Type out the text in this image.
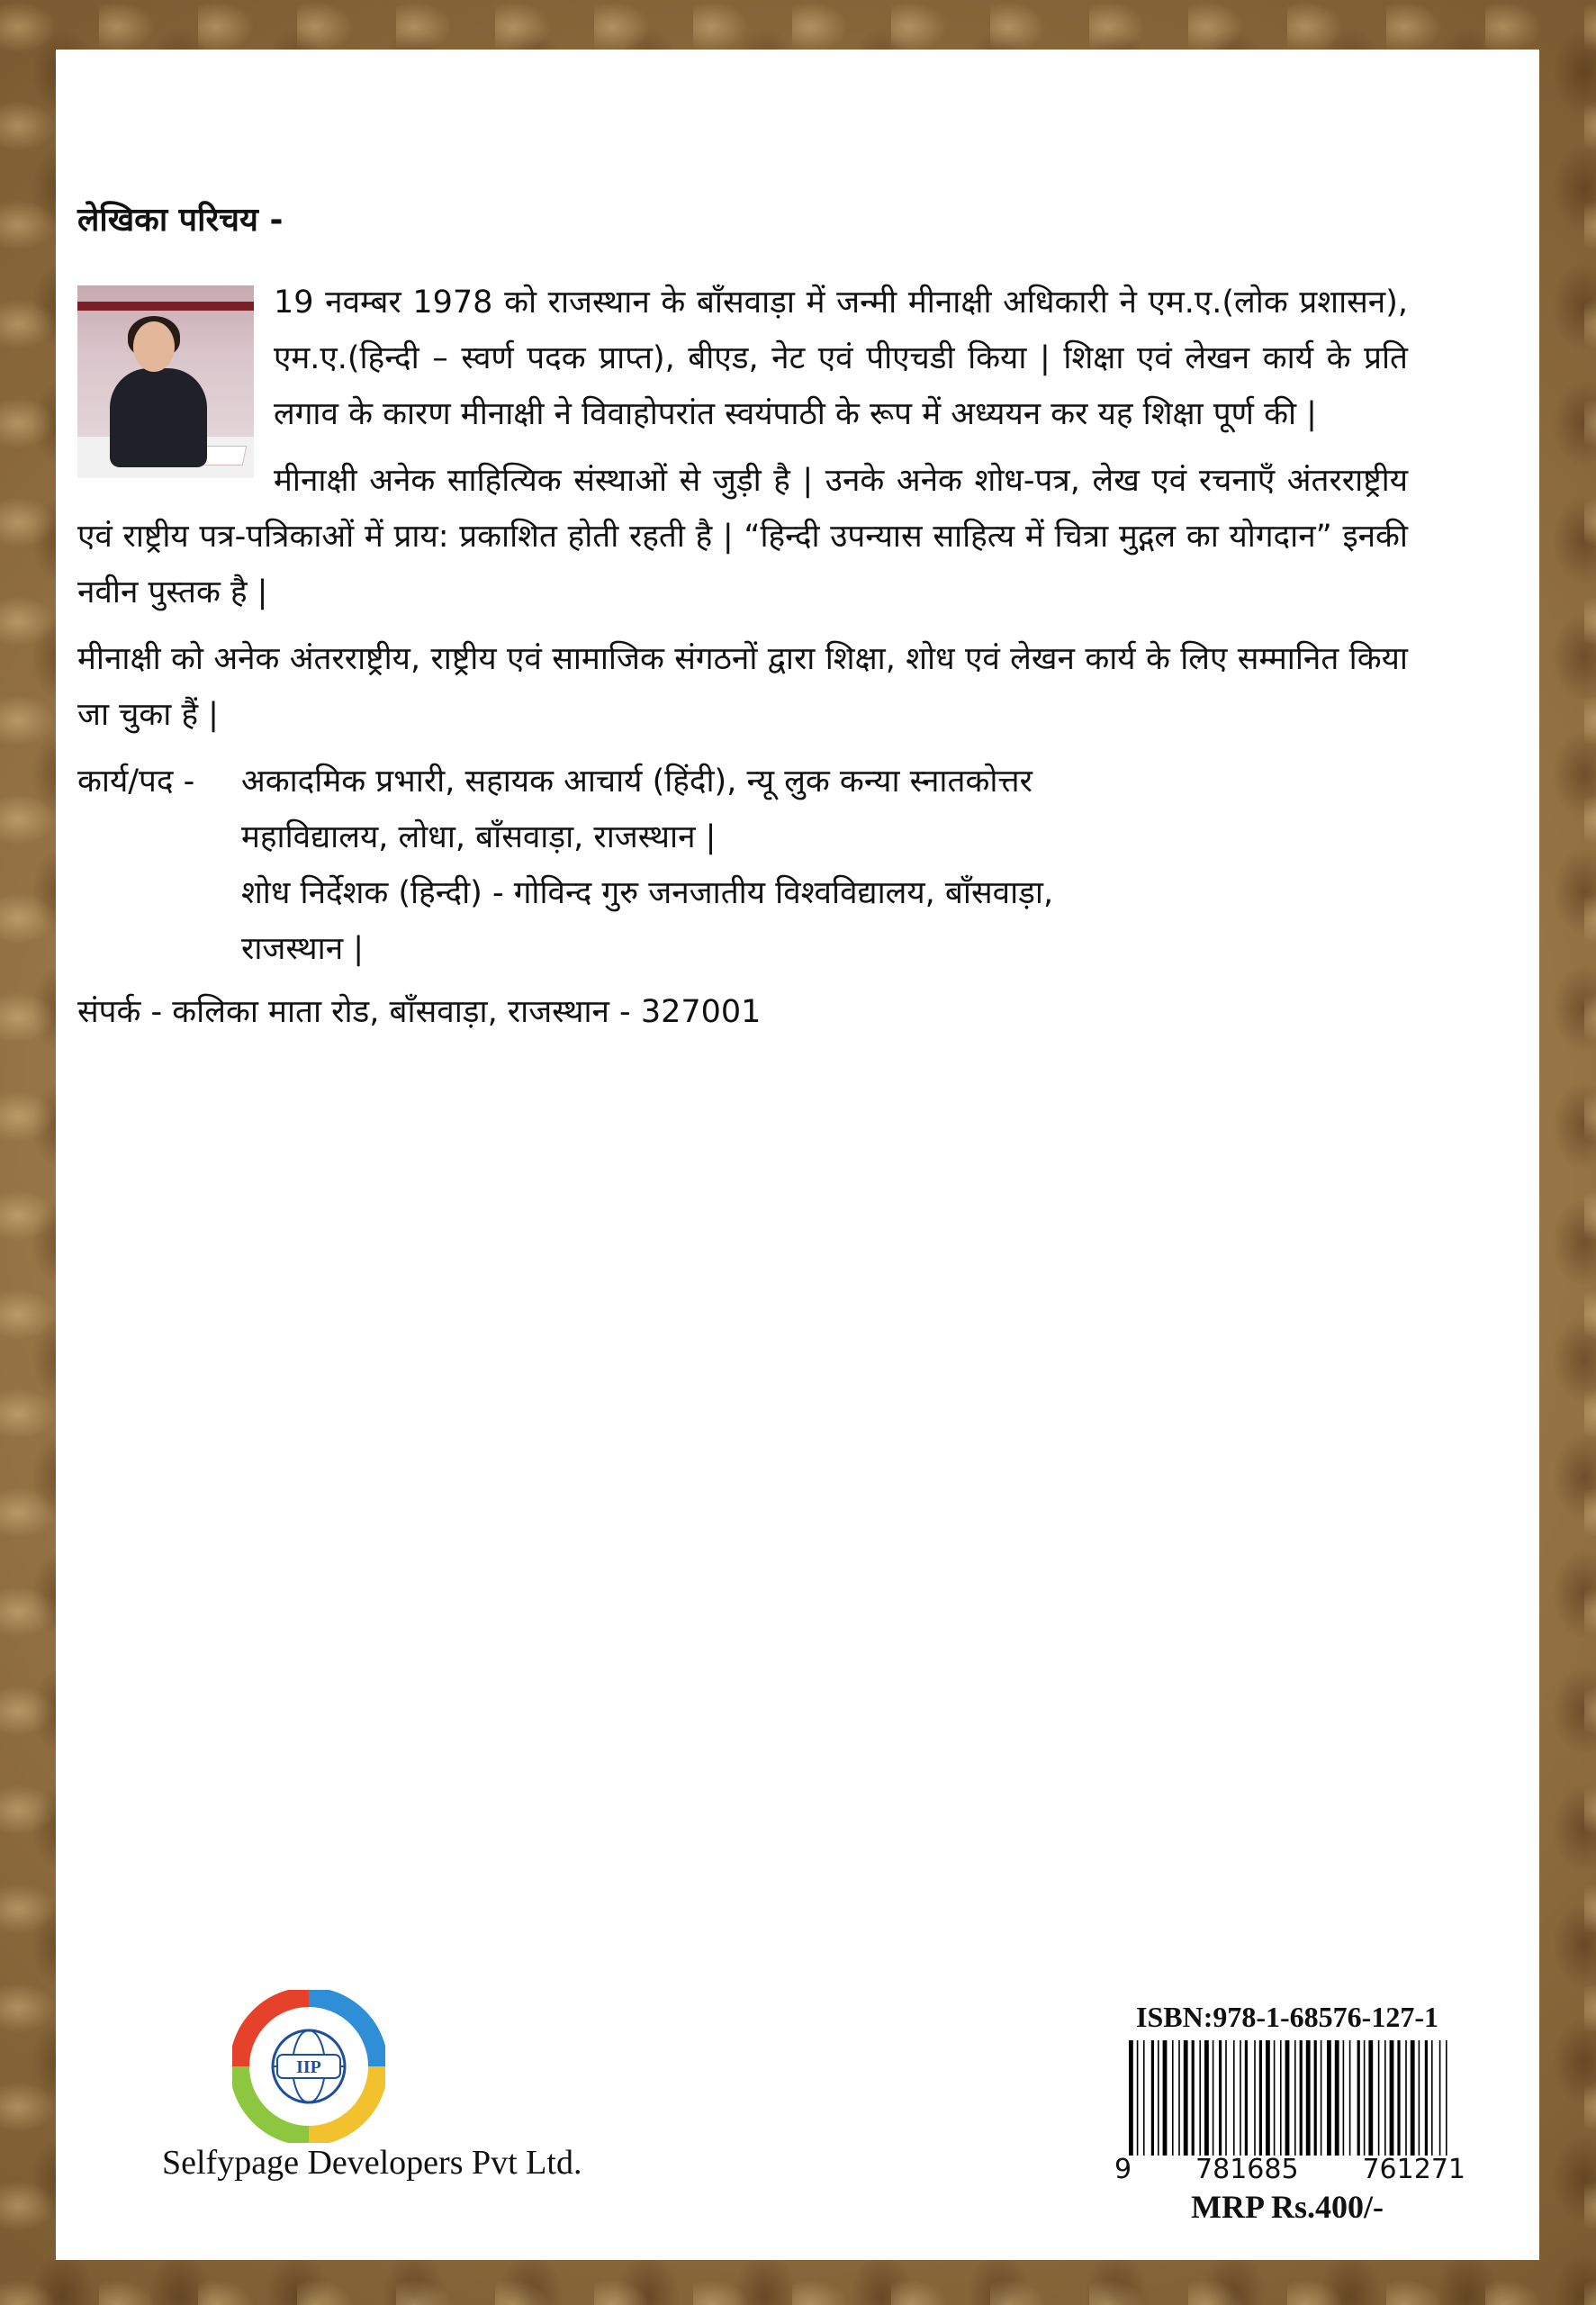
लेखिका परिचय -

19 नवम्बर 1978 को राजस्थान के बाँसवाड़ा में जन्मी मीनाक्षी अधिकारी ने एम.ए.(लोक प्रशासन), एम.ए.(हिन्दी – स्वर्ण पदक प्राप्त), बीएड, नेट एवं पीएचडी किया | शिक्षा एवं लेखन कार्य के प्रति लगाव के कारण मीनाक्षी ने विवाहोपरांत स्वयंपाठी के रूप में अध्ययन कर यह शिक्षा पूर्ण की |

मीनाक्षी अनेक साहित्यिक संस्थाओं से जुड़ी है | उनके अनेक शोध-पत्र, लेख एवं रचनाएँ अंतरराष्ट्रीय एवं राष्ट्रीय पत्र-पत्रिकाओं में प्राय: प्रकाशित होती रहती है | “हिन्दी उपन्यास साहित्य में चित्रा मुद्गल का योगदान” इनकी नवीन पुस्तक है |

मीनाक्षी को अनेक अंतरराष्ट्रीय, राष्ट्रीय एवं सामाजिक संगठनों द्वारा शिक्षा, शोध एवं लेखन कार्य के लिए सम्मानित किया जा चुका हैं |

कार्य/पद -	अकादमिक प्रभारी, सहायक आचार्य (हिंदी), न्यू लुक कन्या स्नातकोत्तर
महाविद्यालय, लोधा, बाँसवाड़ा, राजस्थान |
शोध निर्देशक (हिन्दी) - गोविन्द गुरु जनजातीय विश्वविद्यालय, बाँसवाड़ा,
राजस्थान |
संपर्क - कलिका माता रोड, बाँसवाड़ा, राजस्थान - 327001
IIP
Selfypage Developers Pvt Ltd.
ISBN:978-1-68576-127-1
9 781685 761271
MRP Rs.400/-
